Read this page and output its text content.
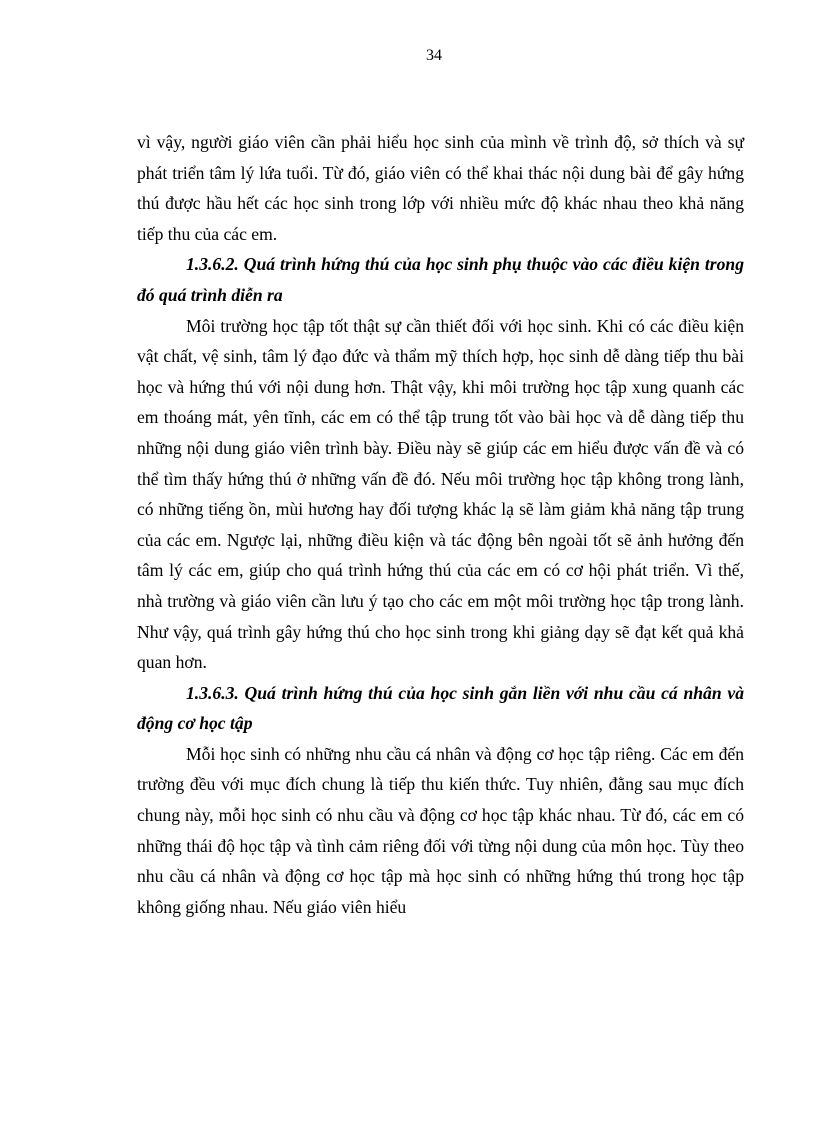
34

vì vậy, người giáo viên cần phải hiểu học sinh của mình về trình độ, sở thích và sự phát triển tâm lý lứa tuổi. Từ đó, giáo viên có thể khai thác nội dung bài để gây hứng thú được hầu hết các học sinh trong lớp với nhiều mức độ khác nhau theo khả năng tiếp thu của các em.

1.3.6.2. Quá trình hứng thú của học sinh phụ thuộc vào các điều kiện trong đó quá trình diễn ra

Môi trường học tập tốt thật sự cần thiết đối với học sinh. Khi có các điều kiện vật chất, vệ sinh, tâm lý đạo đức và thẩm mỹ thích hợp, học sinh dễ dàng tiếp thu bài học và hứng thú với nội dung hơn. Thật vậy, khi môi trường học tập xung quanh các em thoáng mát, yên tĩnh, các em có thể tập trung tốt vào bài học và dễ dàng tiếp thu những nội dung giáo viên trình bày. Điều này sẽ giúp các em hiểu được vấn đề và có thể tìm thấy hứng thú ở những vấn đề đó. Nếu môi trường học tập không trong lành, có những tiếng ồn, mùi hương hay đối tượng khác lạ sẽ làm giảm khả năng tập trung của các em. Ngược lại, những điều kiện và tác động bên ngoài tốt sẽ ảnh hưởng đến tâm lý các em, giúp cho quá trình hứng thú của các em có cơ hội phát triển. Vì thế, nhà trường và giáo viên cần lưu ý tạo cho các em một môi trường học tập trong lành. Như vậy, quá trình gây hứng thú cho học sinh trong khi giảng dạy sẽ đạt kết quả khả quan hơn.

1.3.6.3. Quá trình hứng thú của học sinh gắn liền với nhu cầu cá nhân và động cơ học tập

Mỗi học sinh có những nhu cầu cá nhân và động cơ học tập riêng. Các em đến trường đều với mục đích chung là tiếp thu kiến thức. Tuy nhiên, đằng sau mục đích chung này, mỗi học sinh có nhu cầu và động cơ học tập khác nhau. Từ đó, các em có những thái độ học tập và tình cảm riêng đối với từng nội dung của môn học. Tùy theo nhu cầu cá nhân và động cơ học tập mà học sinh có những hứng thú trong học tập không giống nhau. Nếu giáo viên hiểu
